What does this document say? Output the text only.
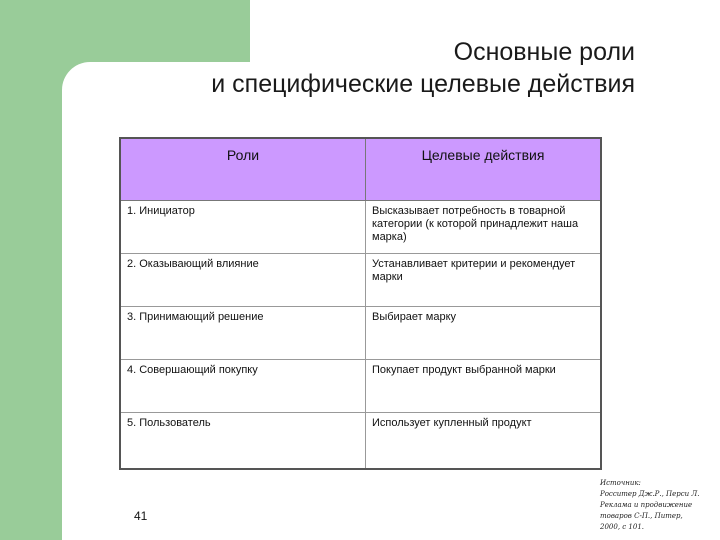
Основные роли
и специфические целевые действия
Роли	Целевые действия
1. Инициатор	Высказывает потребность в товарной категории (к которой принадлежит наша марка)
2. Оказывающий влияние	Устанавливает критерии и рекомендует марки
3. Принимающий решение	Выбирает марку
4. Совершающий покупку	Покупает продукт выбранной марки
5. Пользователь	Использует купленный продукт
41
Источник:
Росситер Дж.Р., Перси Л.
Реклама и продвижение
товаров С-П., Питер,
2000, с 101.
